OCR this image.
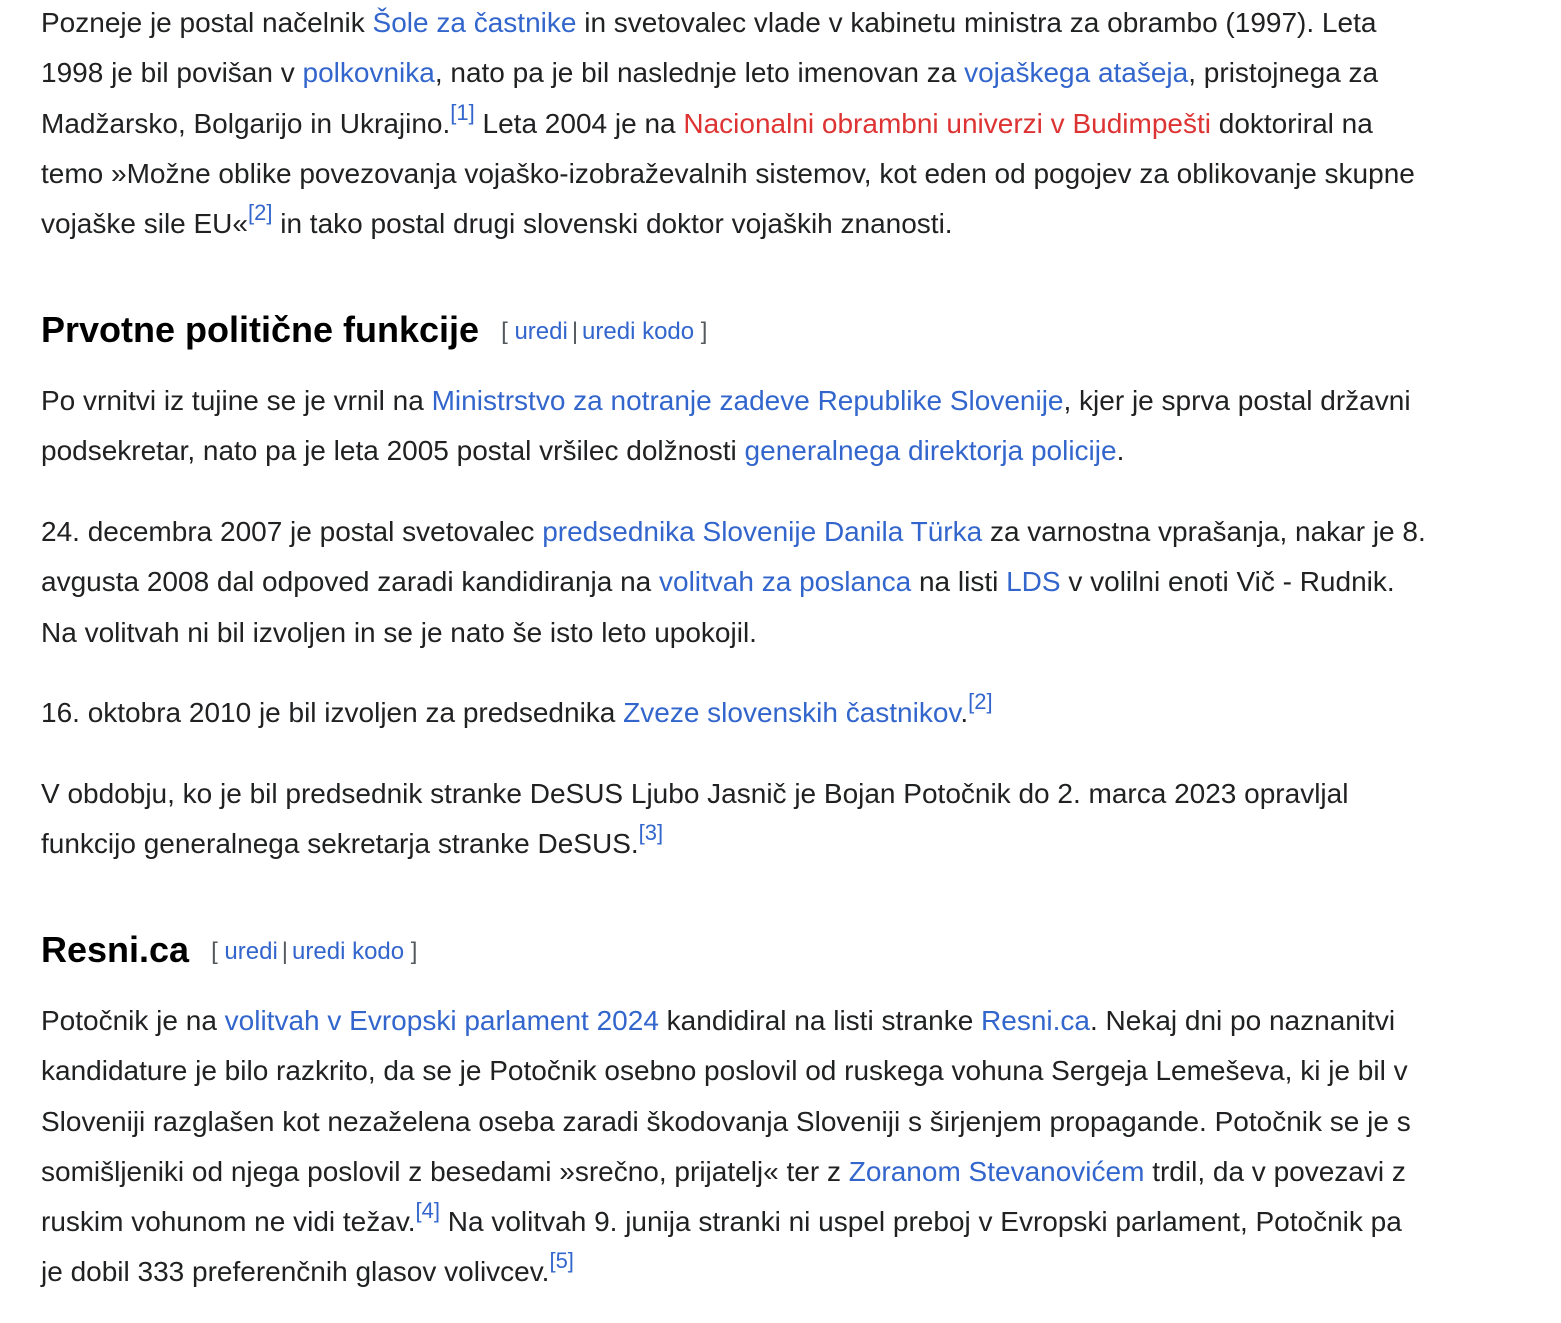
Pozneje je postal načelnik Šole za častnike in svetovalec vlade v kabinetu ministra za obrambo (1997). Leta
1998 je bil povišan v polkovnika, nato pa je bil naslednje leto imenovan za vojaškega atašeja, pristojnega za
Madžarsko, Bolgarijo in Ukrajino.[1] Leta 2004 je na Nacionalni obrambni univerzi v Budimpešti doktoriral na
temo »Možne oblike povezovanja vojaško-izobraževalnih sistemov, kot eden od pogojev za oblikovanje skupne
vojaške sile EU«[2] in tako postal drugi slovenski doktor vojaških znanosti.

Prvotne politične funkcije [ uredi | uredi kodo ]

Po vrnitvi iz tujine se je vrnil na Ministrstvo za notranje zadeve Republike Slovenije, kjer je sprva postal državni
podsekretar, nato pa je leta 2005 postal vršilec dolžnosti generalnega direktorja policije.

24. decembra 2007 je postal svetovalec predsednika Slovenije Danila Türka za varnostna vprašanja, nakar je 8.
avgusta 2008 dal odpoved zaradi kandidiranja na volitvah za poslanca na listi LDS v volilni enoti Vič - Rudnik.
Na volitvah ni bil izvoljen in se je nato še isto leto upokojil.

16. oktobra 2010 je bil izvoljen za predsednika Zveze slovenskih častnikov.[2]

V obdobju, ko je bil predsednik stranke DeSUS Ljubo Jasnič je Bojan Potočnik do 2. marca 2023 opravljal
funkcijo generalnega sekretarja stranke DeSUS.[3]

Resni.ca [ uredi | uredi kodo ]

Potočnik je na volitvah v Evropski parlament 2024 kandidiral na listi stranke Resni.ca. Nekaj dni po naznanitvi
kandidature je bilo razkrito, da se je Potočnik osebno poslovil od ruskega vohuna Sergeja Lemeševa, ki je bil v
Sloveniji razglašen kot nezaželena oseba zaradi škodovanja Sloveniji s širjenjem propagande. Potočnik se je s
somišljeniki od njega poslovil z besedami »srečno, prijatelj« ter z Zoranom Stevanovićem trdil, da v povezavi z
ruskim vohunom ne vidi težav.[4] Na volitvah 9. junija stranki ni uspel preboj v Evropski parlament, Potočnik pa
je dobil 333 preferenčnih glasov volivcev.[5]
